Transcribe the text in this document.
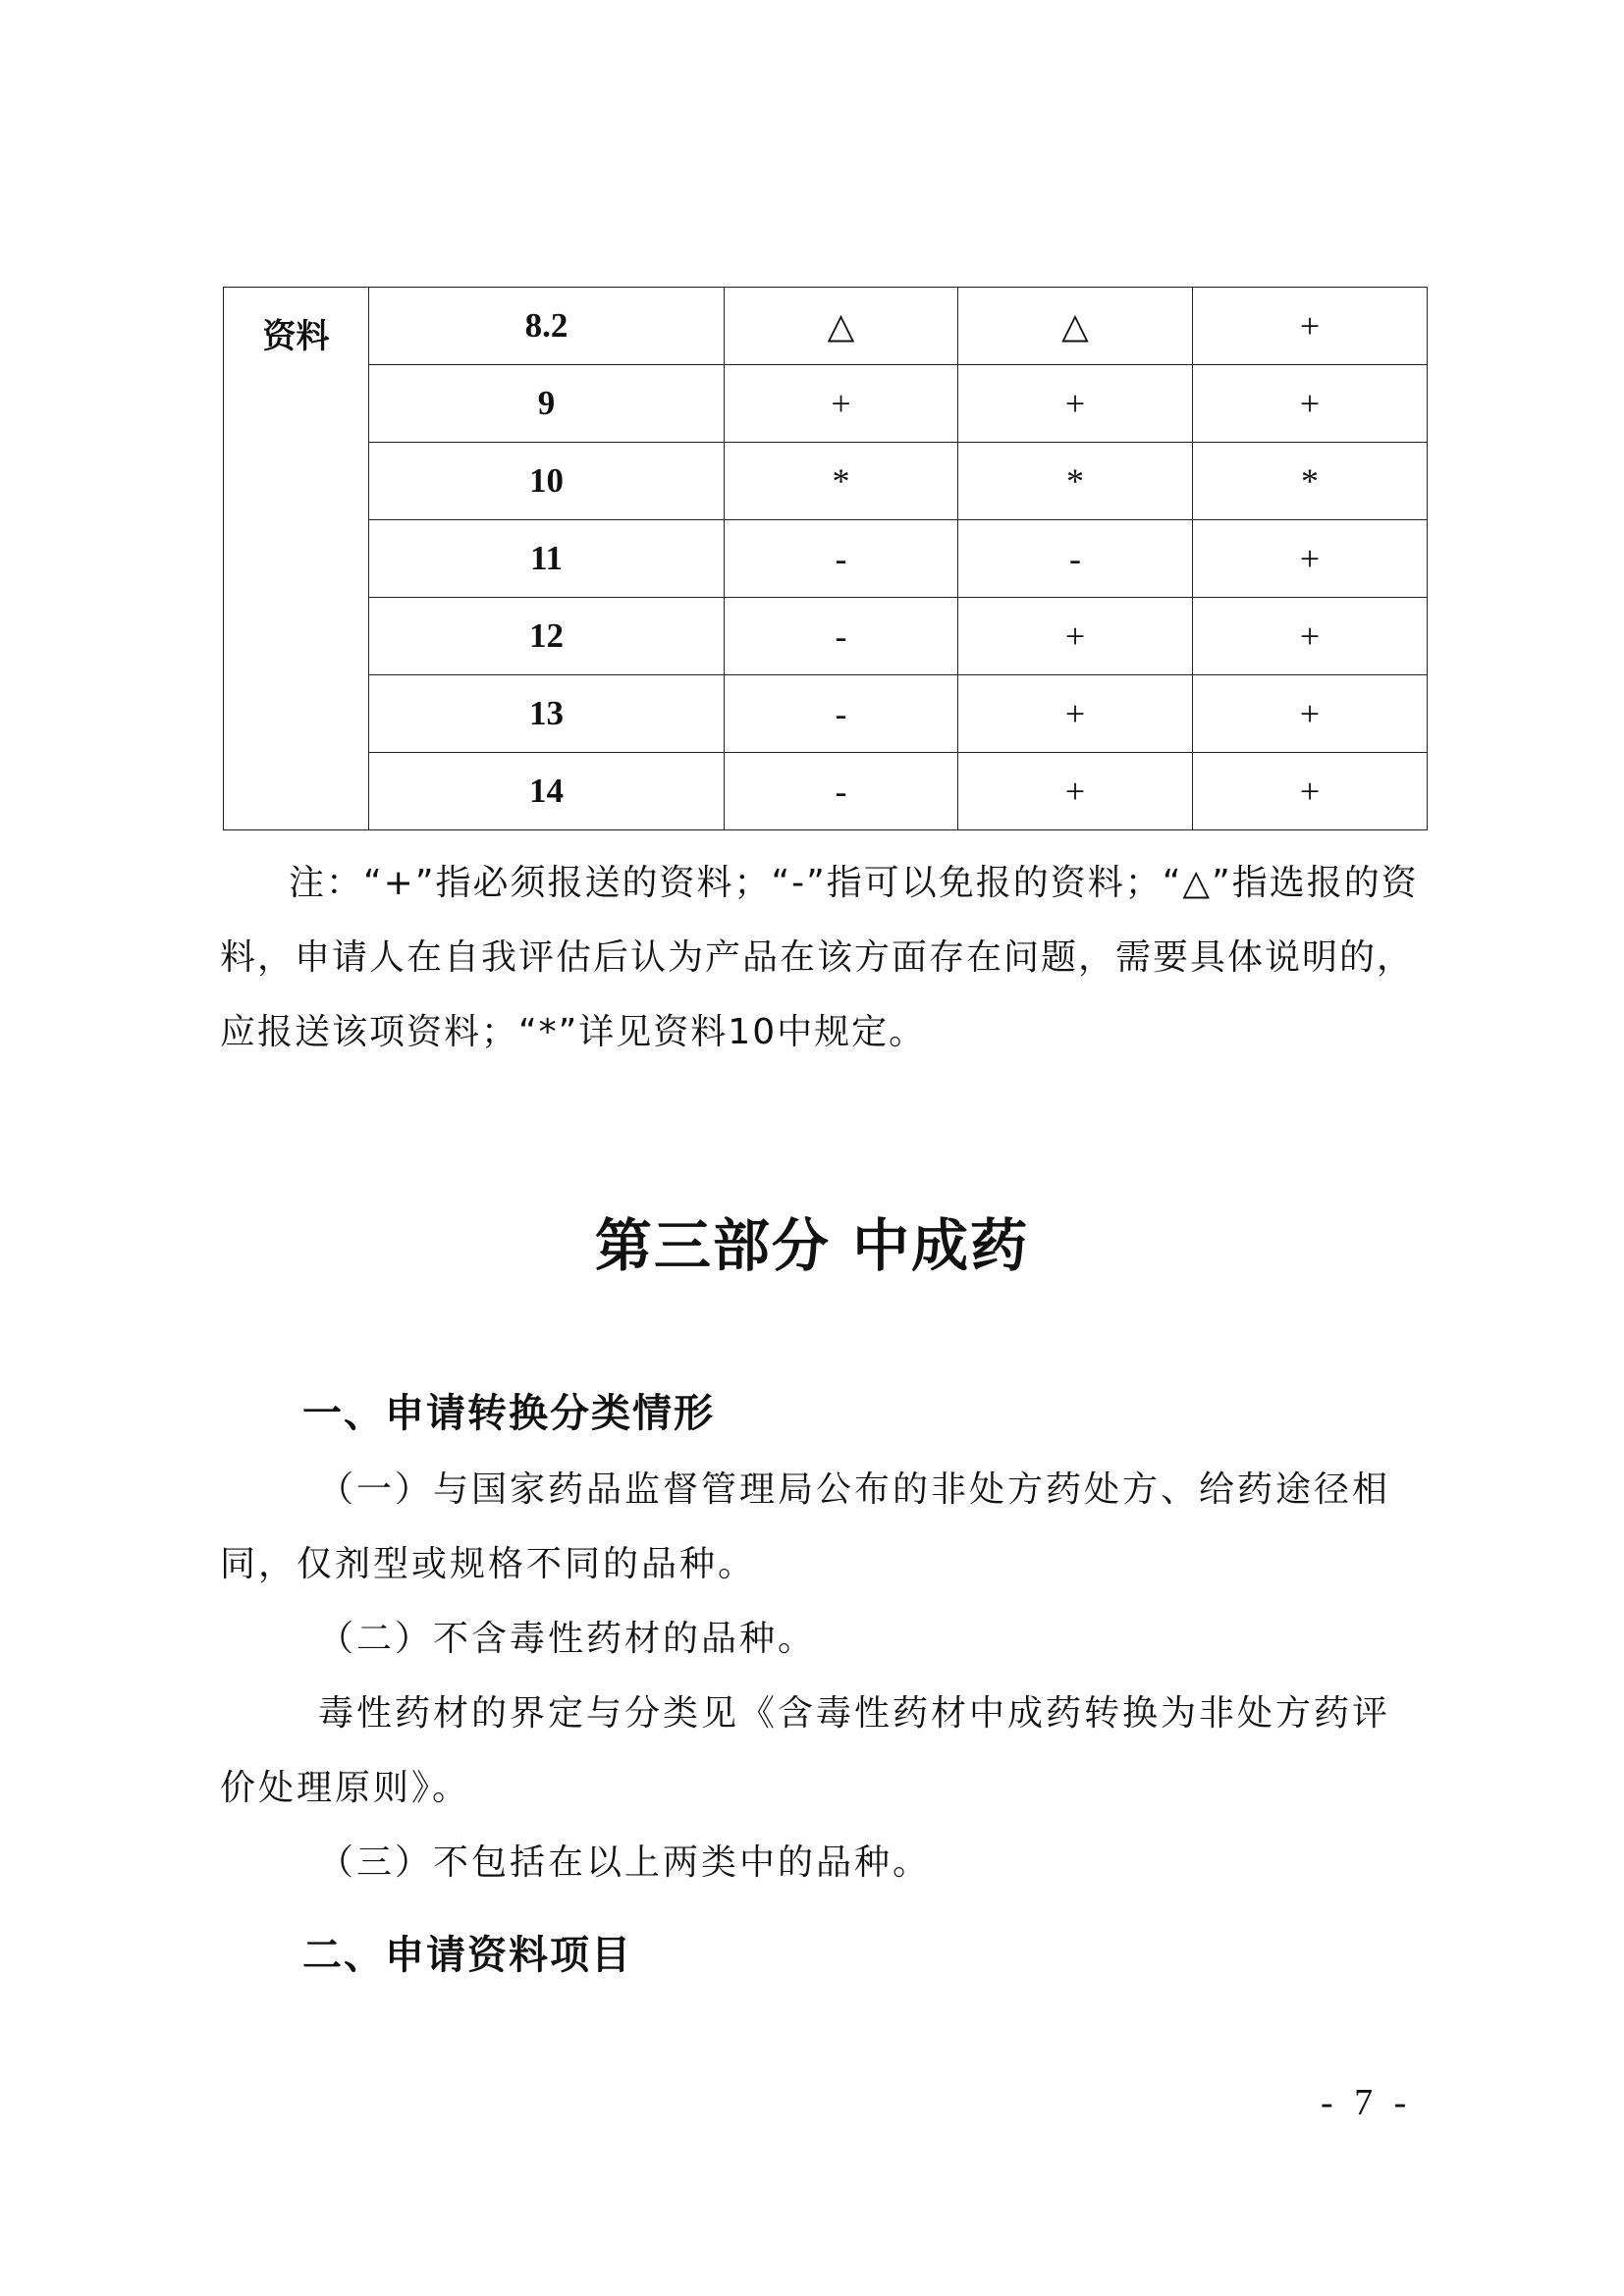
资料	8.2	△	△	+
	9	+	+	+
	10	*	*	*
	11	-	-	+
	12	-	+	+
	13	-	+	+
	14	-	+	+

注：“+”指必须报送的资料；“-”指可以免报的资料；“△”指选报的资料，申请人在自我评估后认为产品在该方面存在问题，需要具体说明的，应报送该项资料；“*”详见资料10中规定。

第三部分 中成药
一、申请转换分类情形

（一）与国家药品监督管理局公布的非处方药处方、给药途径相同，仅剂型或规格不同的品种。

（二）不含毒性药材的品种。

毒性药材的界定与分类见《含毒性药材中成药转换为非处方药评价处理原则》。

（三）不包括在以上两类中的品种。

二、申请资料项目
- 7 -
